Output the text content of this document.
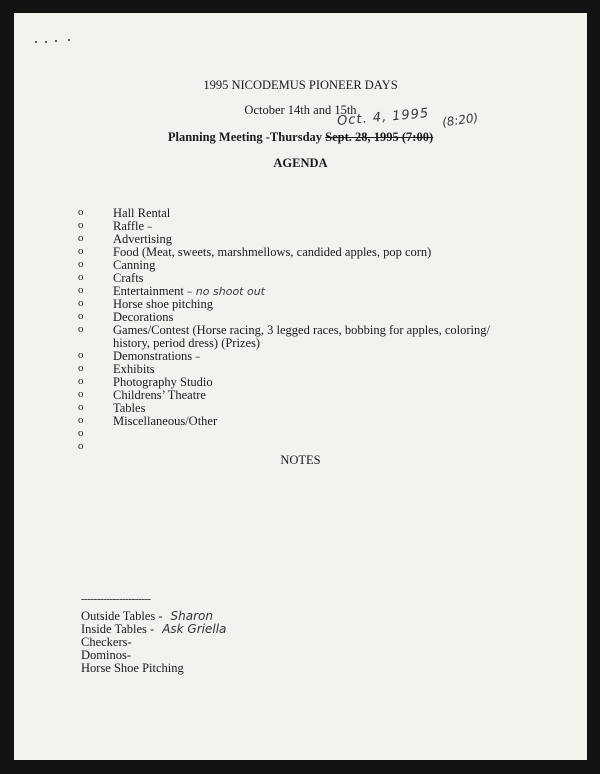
1995 NICODEMUS PIONEER DAYS
October 14th and 15th
Oct. 4, 1995 (8:20)
Planning Meeting -Thursday Sept. 28, 1995 (7:00)
AGENDA
o Hall Rental
o Raffle –
o Advertising
o Food (Meat, sweets, marshmellows, candided apples, pop corn)
o Canning
o Crafts
o Entertainment – no shoot out
o Horse shoe pitching
o Decorations
o Games/Contest (Horse racing, 3 legged races, bobbing for apples, coloring/
history, period dress) (Prizes)
o Demonstrations –
o Exhibits
o Photography Studio
o Childrens’ Theatre
o Tables
o Miscellaneous/Other
o
o
NOTES
----------------------
Outside Tables - Sharon
Inside Tables - Ask Griella
Checkers-
Dominos-
Horse Shoe Pitching
